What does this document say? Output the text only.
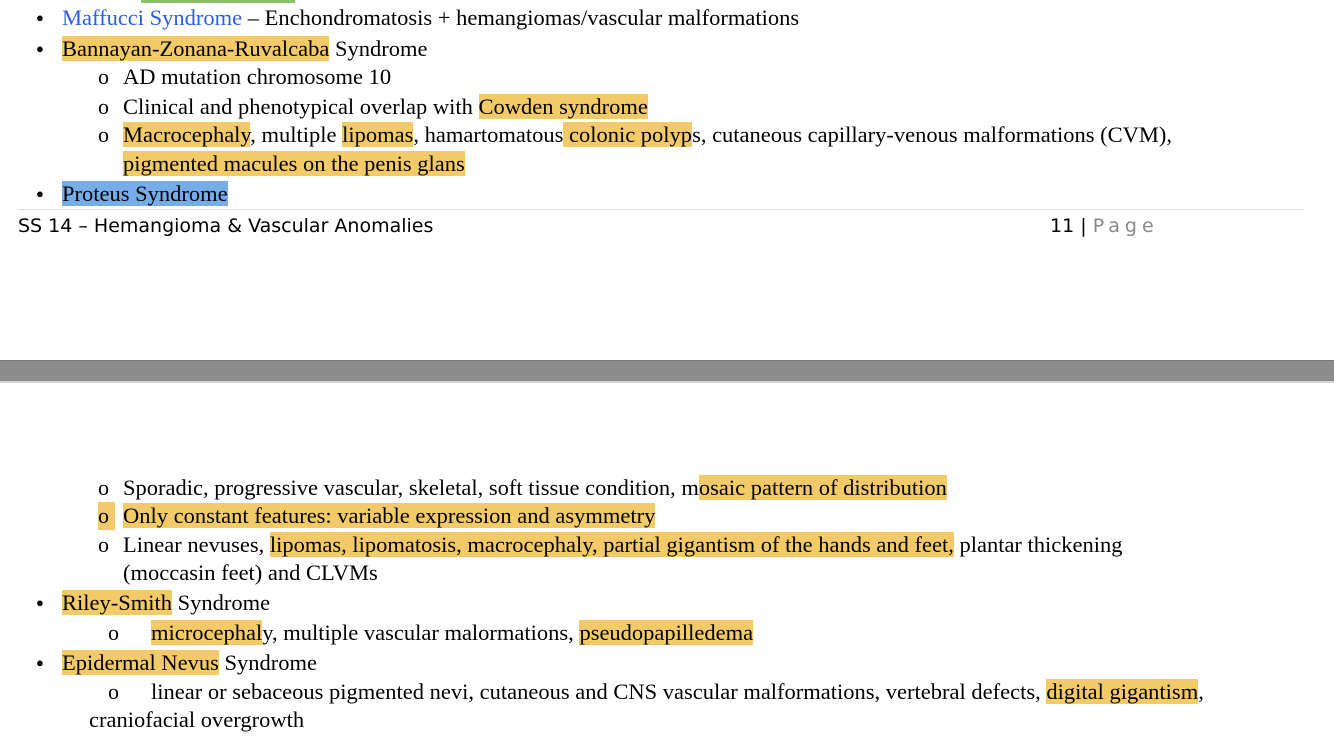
● Maffucci Syndrome – Enchondromatosis + hemangiomas/vascular malformations
● Bannayan-Zonana-Ruvalcaba Syndrome
o AD mutation chromosome 10
o Clinical and phenotypical overlap with Cowden syndrome
o Macrocephaly, multiple lipomas, hamartomatous colonic polyps, cutaneous capillary-venous malformations (CVM),
pigmented macules on the penis glans
● Proteus Syndrome
SS 14 – Hemangioma & Vascular Anomalies	11 | Page
o Sporadic, progressive vascular, skeletal, soft tissue condition, mosaic pattern of distribution
o Only constant features: variable expression and asymmetry
o Linear nevuses, lipomas, lipomatosis, macrocephaly, partial gigantism of the hands and feet, plantar thickening
(moccasin feet) and CLVMs
● Riley-Smith Syndrome
o microcephaly, multiple vascular malormations, pseudopapilledema
● Epidermal Nevus Syndrome
o linear or sebaceous pigmented nevi, cutaneous and CNS vascular malformations, vertebral defects, digital gigantism,
craniofacial overgrowth
